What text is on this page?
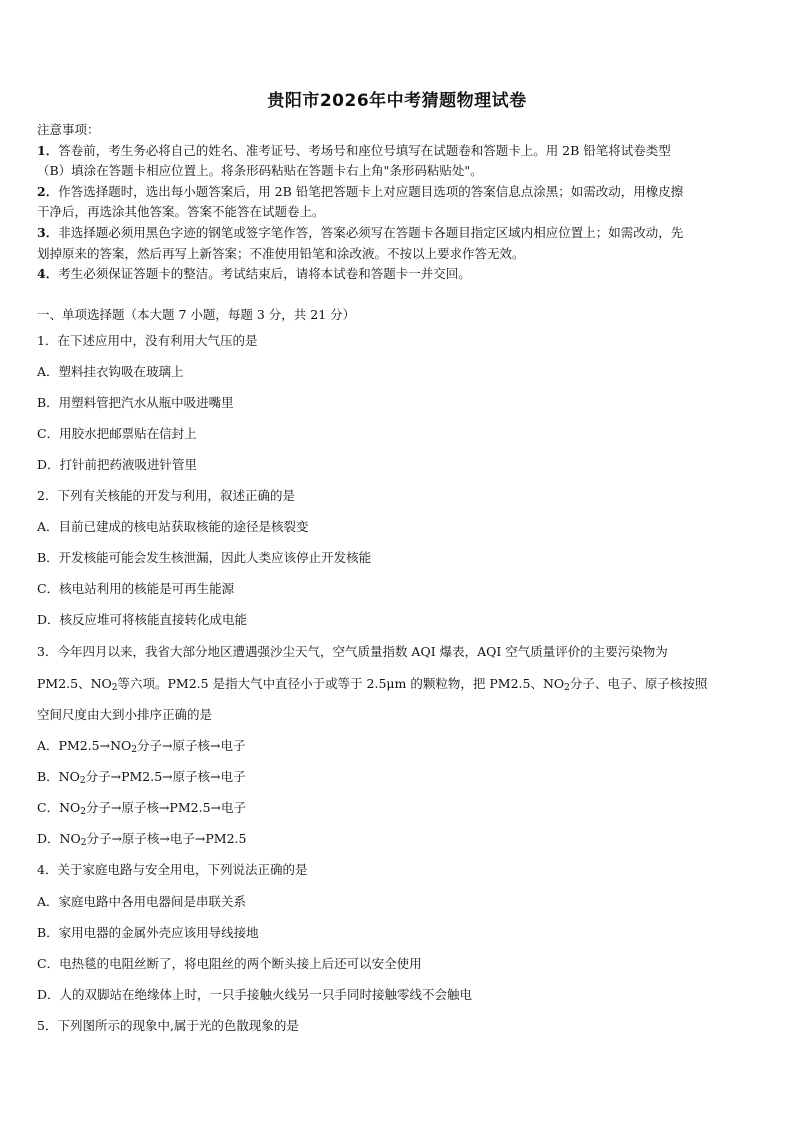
贵阳市2026年中考猜题物理试卷

注意事项：

1．答卷前，考生务必将自己的姓名、准考证号、考场号和座位号填写在试题卷和答题卡上。用 2B 铅笔将试卷类型

（B）填涂在答题卡相应位置上。将条形码粘贴在答题卡右上角"条形码粘贴处"。

2．作答选择题时，选出每小题答案后，用 2B 铅笔把答题卡上对应题目选项的答案信息点涂黑；如需改动，用橡皮擦

干净后，再选涂其他答案。答案不能答在试题卷上。

3．非选择题必须用黑色字迹的钢笔或签字笔作答，答案必须写在答题卡各题目指定区域内相应位置上；如需改动，先

划掉原来的答案，然后再写上新答案；不准使用铅笔和涂改液。不按以上要求作答无效。

4．考生必须保证答题卡的整洁。考试结束后，请将本试卷和答题卡一并交回。

一、单项选择题（本大题 7 小题，每题 3 分，共 21 分）
1．在下述应用中，没有利用大气压的是
A．塑料挂衣钩吸在玻璃上
B．用塑料管把汽水从瓶中吸进嘴里
C．用胶水把邮票贴在信封上
D．打针前把药液吸进针管里
2．下列有关核能的开发与利用，叙述正确的是
A．目前已建成的核电站获取核能的途径是核裂变
B．开发核能可能会发生核泄漏，因此人类应该停止开发核能
C．核电站利用的核能是可再生能源
D．核反应堆可将核能直接转化成电能
3．今年四月以来，我省大部分地区遭遇强沙尘天气，空气质量指数 AQI 爆表，AQI 空气质量评价的主要污染物为
PM2.5、$NO_2$等六项。PM2.5 是指大气中直径小于或等于 2.5μm 的颗粒物，把 PM2.5、$NO_2$分子、电子、原子核按照
空间尺度由大到小排序正确的是
A．$PM2.5\to NO_2$分子→原子核→电子
B．$NO_2$分子→PM2.5→原子核→电子
C．$NO_2$分子→原子核→PM2.5→电子
D．$NO_2$分子→原子核→电子→PM2.5
4．关于家庭电路与安全用电，下列说法正确的是
A．家庭电路中各用电器间是串联关系
B．家用电器的金属外壳应该用导线接地
C．电热毯的电阻丝断了，将电阻丝的两个断头接上后还可以安全使用
D．人的双脚站在绝缘体上时，一只手接触火线另一只手同时接触零线不会触电
5．下列图所示的现象中,属于光的色散现象的是
